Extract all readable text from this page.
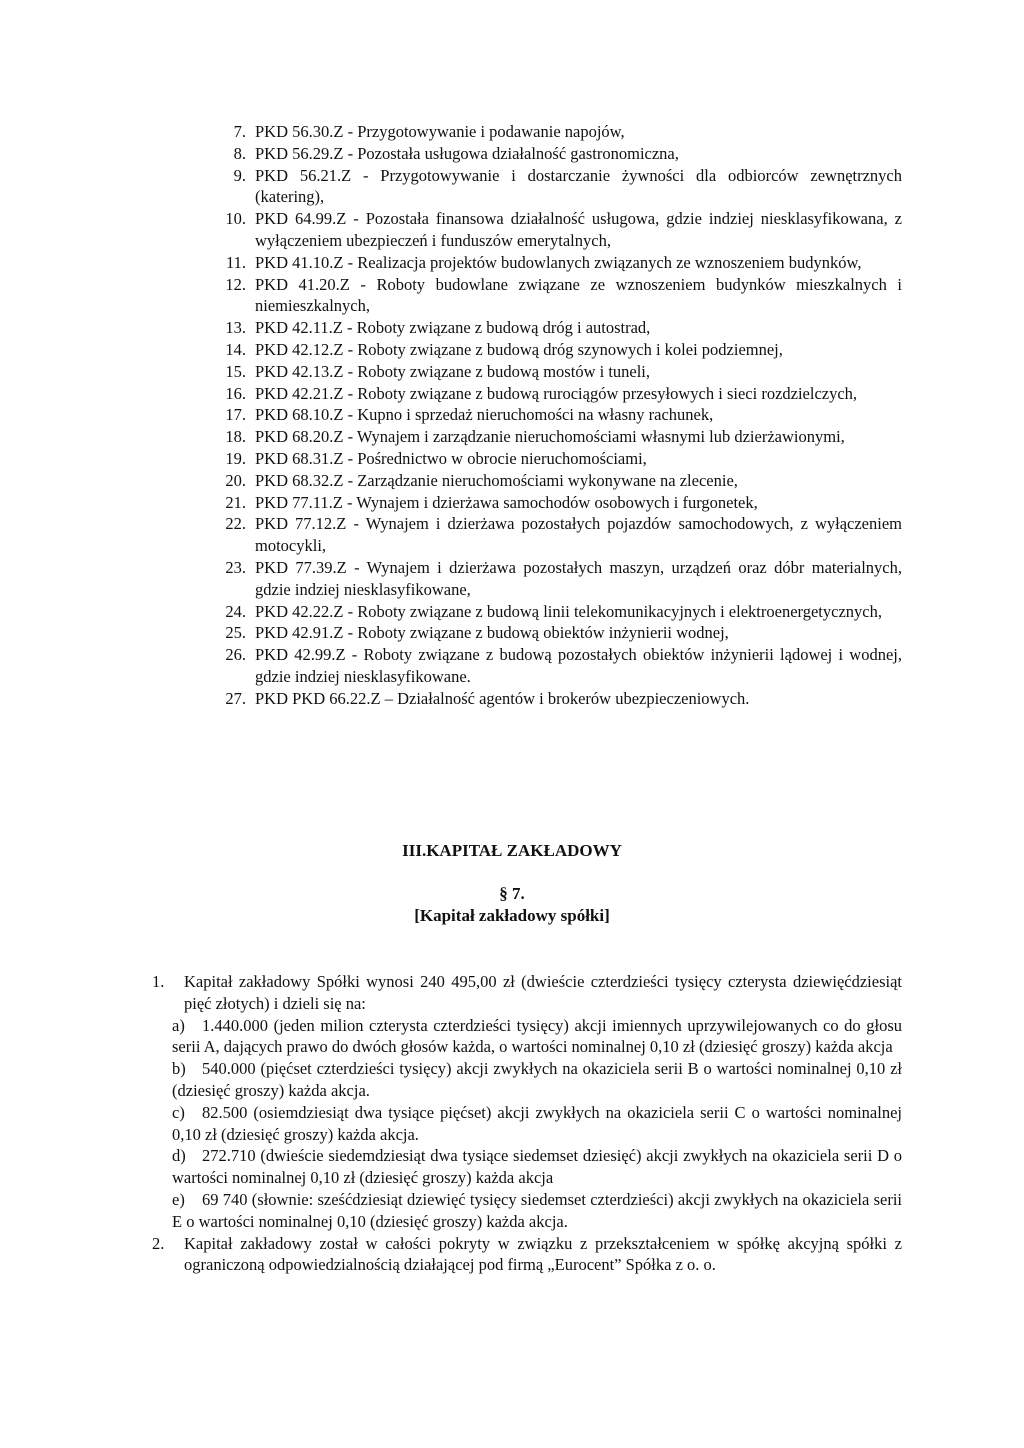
7. PKD 56.30.Z - Przygotowywanie i podawanie napojów,
8. PKD 56.29.Z - Pozostała usługowa działalność gastronomiczna,
9. PKD 56.21.Z - Przygotowywanie i dostarczanie żywności dla odbiorców zewnętrznych (katering),
10. PKD 64.99.Z - Pozostała finansowa działalność usługowa, gdzie indziej niesklasyfikowana, z wyłączeniem ubezpieczeń i funduszów emerytalnych,
11. PKD 41.10.Z - Realizacja projektów budowlanych związanych ze wznoszeniem budynków,
12. PKD 41.20.Z - Roboty budowlane związane ze wznoszeniem budynków mieszkalnych i niemieszkalnych,
13. PKD 42.11.Z - Roboty związane z budową dróg i autostrad,
14. PKD 42.12.Z - Roboty związane z budową dróg szynowych i kolei podziemnej,
15. PKD 42.13.Z - Roboty związane z budową mostów i tuneli,
16. PKD 42.21.Z - Roboty związane z budową rurociągów przesyłowych i sieci rozdzielczych,
17. PKD 68.10.Z - Kupno i sprzedaż nieruchomości na własny rachunek,
18. PKD 68.20.Z - Wynajem i zarządzanie nieruchomościami własnymi lub dzierżawionymi,
19. PKD 68.31.Z - Pośrednictwo w obrocie nieruchomościami,
20. PKD 68.32.Z - Zarządzanie nieruchomościami wykonywane na zlecenie,
21. PKD 77.11.Z - Wynajem i dzierżawa samochodów osobowych i furgonetek,
22. PKD 77.12.Z - Wynajem i dzierżawa pozostałych pojazdów samochodowych, z wyłączeniem motocykli,
23. PKD 77.39.Z - Wynajem i dzierżawa pozostałych maszyn, urządzeń oraz dóbr materialnych, gdzie indziej niesklasyfikowane,
24. PKD 42.22.Z - Roboty związane z budową linii telekomunikacyjnych i elektroenergetycznych,
25. PKD 42.91.Z - Roboty związane z budową obiektów inżynierii wodnej,
26. PKD 42.99.Z - Roboty związane z budową pozostałych obiektów inżynierii lądowej i wodnej, gdzie indziej niesklasyfikowane.
27. PKD PKD 66.22.Z – Działalność agentów i brokerów ubezpieczeniowych.
III.KAPITAŁ ZAKŁADOWY
§ 7.
[Kapitał zakładowy spółki]
1.	Kapitał zakładowy Spółki wynosi 240 495,00 zł (dwieście czterdzieści tysięcy czterysta dziewięćdziesiąt pięć złotych) i dzieli się na:
a) 1.440.000 (jeden milion czterysta czterdzieści tysięcy) akcji imiennych uprzywilejowanych co do głosu serii A, dających prawo do dwóch głosów każda, o wartości nominalnej 0,10 zł (dziesięć groszy) każda akcja
b) 540.000 (pięćset czterdzieści tysięcy) akcji zwykłych na okaziciela serii B o wartości nominalnej 0,10 zł (dziesięć groszy) każda akcja.
c) 82.500 (osiemdziesiąt dwa tysiące pięćset) akcji zwykłych na okaziciela serii C o wartości nominalnej 0,10 zł (dziesięć groszy) każda akcja.
d) 272.710 (dwieście siedemdziesiąt dwa tysiące siedemset dziesięć) akcji zwykłych na okaziciela serii D o wartości nominalnej 0,10 zł (dziesięć groszy) każda akcja
e) 69 740 (słownie: sześćdziesiąt dziewięć tysięcy siedemset czterdzieści) akcji zwykłych na okaziciela serii E o wartości nominalnej 0,10 (dziesięć groszy) każda akcja.
2.	Kapitał zakładowy został w całości pokryty w związku z przekształceniem w spółkę akcyjną spółki z ograniczoną odpowiedzialnością działającej pod firmą „Eurocent” Spółka z o. o.
